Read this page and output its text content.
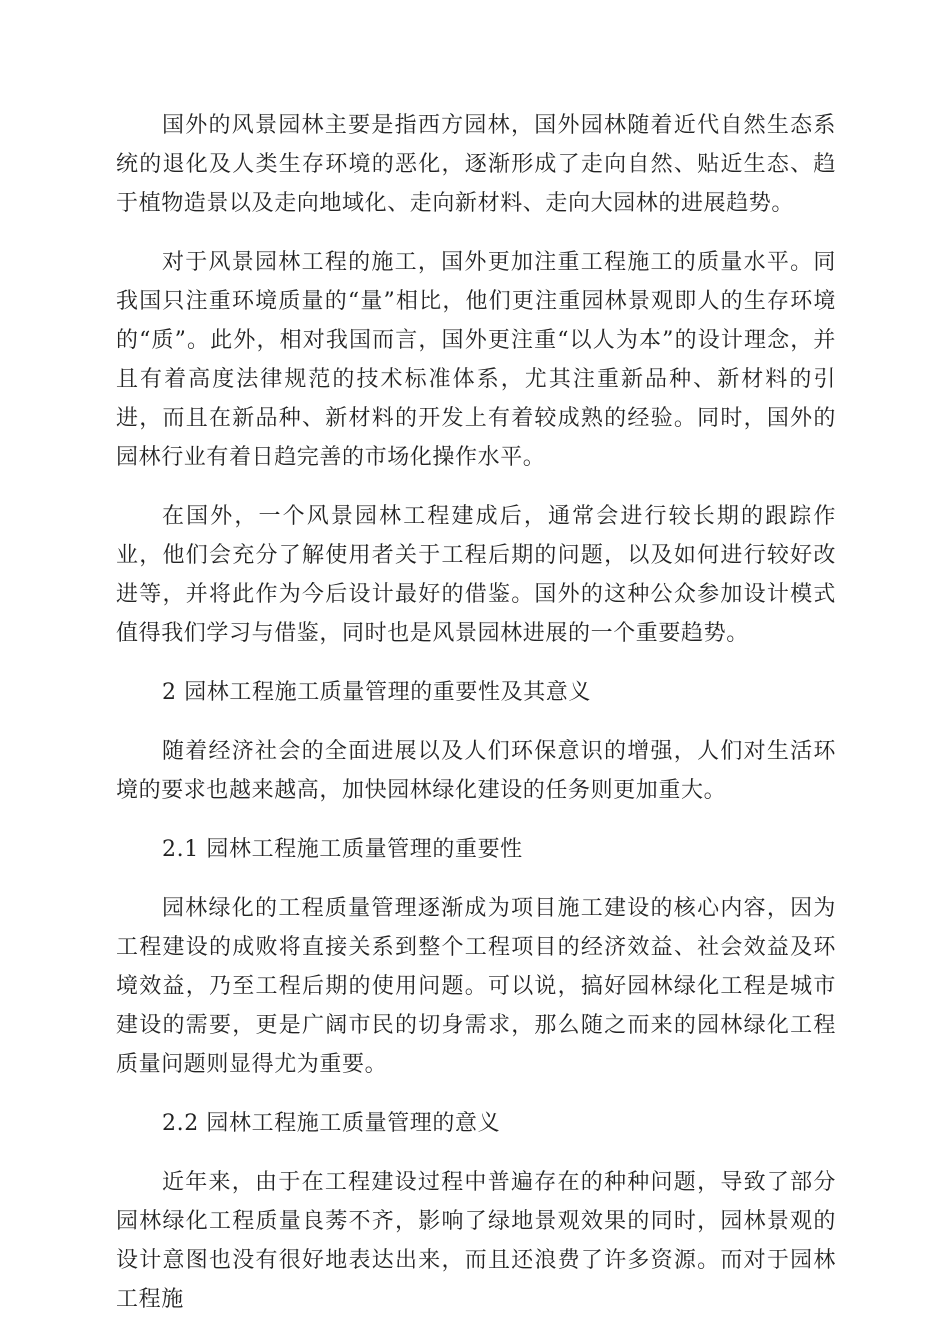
国外的风景园林主要是指西方园林，国外园林随着近代自然生态系统的退化及人类生存环境的恶化，逐渐形成了走向自然、贴近生态、趋于植物造景以及走向地域化、走向新材料、走向大园林的进展趋势。

对于风景园林工程的施工，国外更加注重工程施工的质量水平。同我国只注重环境质量的“量”相比，他们更注重园林景观即人的生存环境的“质”。此外，相对我国而言，国外更注重“以人为本”的设计理念，并且有着高度法律规范的技术标准体系，尤其注重新品种、新材料的引进，而且在新品种、新材料的开发上有着较成熟的经验。同时，国外的园林行业有着日趋完善的市场化操作水平。

在国外，一个风景园林工程建成后，通常会进行较长期的跟踪作业，他们会充分了解使用者关于工程后期的问题，以及如何进行较好改进等，并将此作为今后设计最好的借鉴。国外的这种公众参加设计模式值得我们学习与借鉴，同时也是风景园林进展的一个重要趋势。

2 园林工程施工质量管理的重要性及其意义

随着经济社会的全面进展以及人们环保意识的增强，人们对生活环境的要求也越来越高，加快园林绿化建设的任务则更加重大。

2.1 园林工程施工质量管理的重要性

园林绿化的工程质量管理逐渐成为项目施工建设的核心内容，因为工程建设的成败将直接关系到整个工程项目的经济效益、社会效益及环境效益，乃至工程后期的使用问题。可以说，搞好园林绿化工程是城市建设的需要，更是广阔市民的切身需求，那么随之而来的园林绿化工程质量问题则显得尤为重要。

2.2 园林工程施工质量管理的意义

近年来，由于在工程建设过程中普遍存在的种种问题，导致了部分园林绿化工程质量良莠不齐，影响了绿地景观效果的同时，园林景观的设计意图也没有很好地表达出来，而且还浪费了许多资源。而对于园林工程施
